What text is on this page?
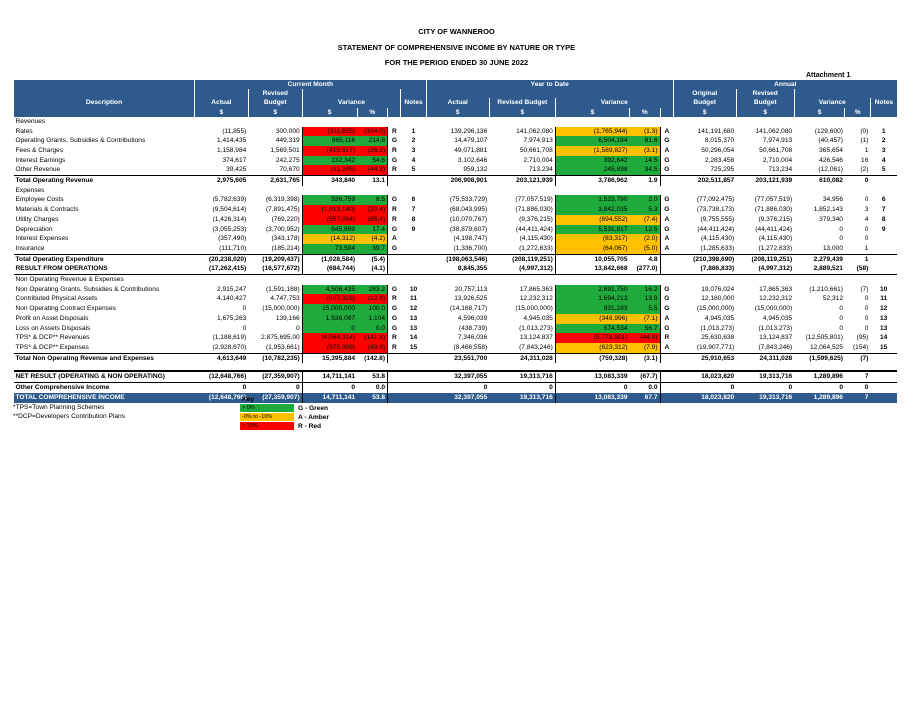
CITY OF WANNEROO
STATEMENT OF COMPREHENSIVE INCOME BY NATURE OR TYPE
FOR THE PERIOD ENDED 30 JUNE 2022
Attachment 1
	Current Month						Year to Date					Annual				
		Revised										Original	Revised			
Description	Actual	Budget	Variance			Notes	Actual	Revised Budget	Variance			Budget	Budget	Variance		Notes
	$	$	$	%			$	$	$	%		$	$	$	%	
Revenues																
Rates	(11,855)	300,000	(311,855)	(104.0)	R	1	139,296,136	141,062,080	(1,765,944)	(1.3)	A	141,191,680	141,062,080	(129,600)	(0)	1
Operating Grants, Subsidies & Contributions	1,414,435	449,319	965,116	214.8	G	2	14,479,107	7,974,913	6,504,194	81.6	G	8,015,370	7,974,913	(40,457)	(1)	2
Fees & Charges	1,158,984	1,569,501	(410,517)	(26.2)	R	3	49,071,881	50,661,708	(1,589,827)	(3.1)	A	50,296,054	50,661,708	365,654	1	3
Interest Earnings	374,617	242,275	132,342	54.6	G	4	3,102,646	2,710,004	392,642	14.5	G	2,283,458	2,710,004	426,546	16	4
Other Revenue	39,425	70,670	(31,245)	(44.2)	R	5	959,132	713,234	245,898	34.5	G	725,295	713,234	(12,061)	(2)	5
Total Operating Revenue	2,975,605	2,631,765	343,840	13.1			206,908,901	203,121,939	3,786,962	1.9		202,511,857	203,121,939	610,082	0	
Expenses																
Employee Costs	(5,782,639)	(6,319,398)	536,759	8.5	G	6	(75,533,729)	(77,057,519)	1,523,790	2.0	G	(77,092,475)	(77,057,519)	34,956	0	6
Materials & Contracts	(9,504,614)	(7,891,475)	(1,613,140)	(20.4)	R	7	(68,043,995)	(71,886,030)	3,842,035	5.3	G	(73,738,173)	(71,886,030)	1,852,143	3	7
Utility Charges	(1,426,314)	(769,220)	(657,094)	(85.4)	R	8	(10,070,767)	(9,376,215)	(694,552)	(7.4)	A	(9,755,555)	(9,376,215)	379,340	4	8
Depreciation	(3,055,253)	(3,700,952)	645,699	17.4	G	9	(38,879,607)	(44,411,424)	5,531,817	12.5	G	(44,411,424)	(44,411,424)	0	0	9
Interest Expenses	(357,490)	(343,178)	(14,312)	(4.2)	A		(4,198,747)	(4,115,430)	(83,317)	(2.0)	A	(4,115,430)	(4,115,430)	0	0	
Insurance	(111,710)	(185,214)	73,504	39.7	G		(1,336,700)	(1,272,633)	(64,067)	(5.0)	A	(1,285,633)	(1,272,633)	13,000	1	
Total Operating Expenditure	(20,238,020)	(19,209,437)	(1,028,584)	(5.4)			(198,063,546)	(208,119,251)	10,055,705	4.8		(210,398,690)	(208,119,251)	2,279,439	1	
RESULT FROM OPERATIONS	(17,262,415)	(16,577,672)	(684,744)	(4.1)			8,845,355	(4,997,312)	13,842,668	(277.0)		(7,886,833)	(4,997,312)	2,889,521	(58)	
Non Operating Revenue & Expenses																
Non Operating Grants, Subsidies & Contributions	2,915,247	(1,591,188)	4,506,435	283.2	G	10	20,757,113	17,865,363	2,891,750	16.2	G	19,076,024	17,865,363	(1,210,661)	(7)	10
Contributed Physical Assets	4,140,427	4,747,753	(607,326)	(12.8)	R	11	13,926,525	12,232,312	1,694,213	13.9	G	12,180,000	12,232,312	52,312	0	11
Non Operating Contract Expenses	0	(15,000,000)	15,000,000	100.0	G	12	(14,168,717)	(15,000,000)	831,283	5.5	G	(15,000,000)	(15,000,000)	0	0	12
Profit on Asset Disposals	1,675,263	139,166	1,536,097	1,104	G	13	4,596,039	4,945,035	(348,996)	(7.1)	A	4,945,035	4,945,035	0	0	13
Loss on Assets Disposals	0	0	0	0.0	G	13	(438,739)	(1,013,273)	574,534	56.7	G	(1,013,273)	(1,013,273)	0	0	13
TPS* & DCP** Revenues	(1,188,619)	2,875,695.00	(4,064,314)	(141.3)	R	14	7,346,036	13,124,837	(5,778,801)	(44.0)	R	25,630,638	13,124,837	(12,505,801)	(95)	14
TPS* & DCP** Expenses	(2,928,670)	(1,953,661)	(975,009)	(49.9)	R	15	(8,466,558)	(7,843,246)	(623,312)	(7.9)	A	(19,907,771)	(7,843,246)	12,064,525	(154)	15
Total Non Operating Revenue and Expenses	4,613,649	(10,782,235)	15,395,884	(142.8)			23,551,700	24,311,028	(759,328)	(3.1)		25,910,653	24,311,028	(1,599,625)	(7)	

NET RESULT (OPERATING & NON OPERATING)	(12,648,766)	(27,359,907)	14,711,141	53.8			32,397,055	19,313,716	13,083,339	(67.7)		18,023,820	19,313,716	1,289,896	7	
Other Comprehensive Income	0	0	0	0.0			0	0	0	0.0		0	0	0	0	
TOTAL COMPREHENSIVE INCOME	(12,648,766)	(27,359,907)	14,711,141	53.8			32,397,055	19,313,716	13,083,339	67.7		18,023,820	19,313,716	1,289,896	7	
*TPS=Town Planning Schemes
**DCP=Developers Contribution Plans
Key
> 0%	G - Green
-0% to -10%	A - Amber
> 10%	R - Red
